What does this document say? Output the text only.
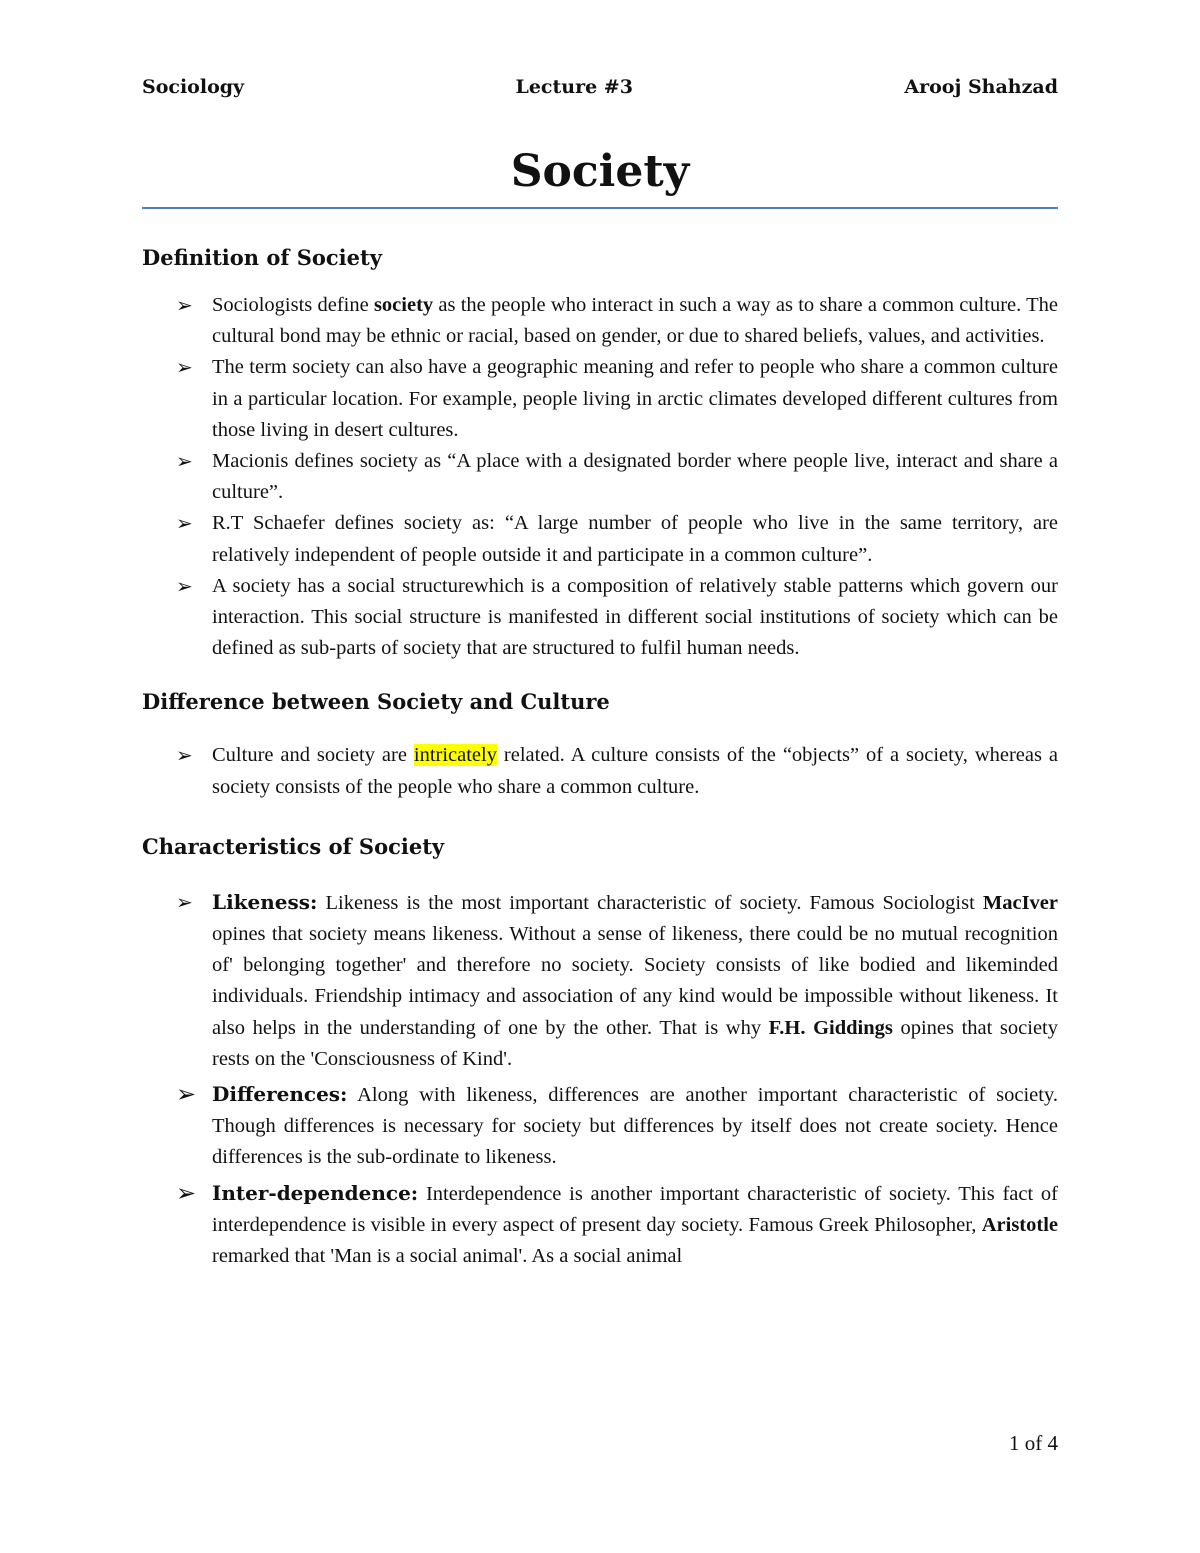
Sociology	Lecture #3	Arooj Shahzad
Society
Definition of Society
➢ Sociologists define society as the people who interact in such a way as to share a common culture. The cultural bond may be ethnic or racial, based on gender, or due to shared beliefs, values, and activities.
➢ The term society can also have a geographic meaning and refer to people who share a common culture in a particular location. For example, people living in arctic climates developed different cultures from those living in desert cultures.
➢ Macionis defines society as “A place with a designated border where people live, interact and share a culture”.
➢ R.T Schaefer defines society as: “A large number of people who live in the same territory, are relatively independent of people outside it and participate in a common culture”.
➢ A society has a social structurewhich is a composition of relatively stable patterns which govern our interaction. This social structure is manifested in different social institutions of society which can be defined as sub-parts of society that are structured to fulfil human needs.
Difference between Society and Culture
➢ Culture and society are intricately related. A culture consists of the “objects” of a society, whereas a society consists of the people who share a common culture.
Characteristics of Society
➢ Likeness: Likeness is the most important characteristic of society. Famous Sociologist MacIver opines that society means likeness. Without a sense of likeness, there could be no mutual recognition of' belonging together' and therefore no society. Society consists of like bodied and likeminded individuals. Friendship intimacy and association of any kind would be impossible without likeness. It also helps in the understanding of one by the other. That is why F.H. Giddings opines that society rests on the 'Consciousness of Kind'.
➢ Differences: Along with likeness, differences are another important characteristic of society. Though differences is necessary for society but differences by itself does not create society. Hence differences is the sub-ordinate to likeness.
➢ Inter-dependence: Interdependence is another important characteristic of society. This fact of interdependence is visible in every aspect of present day society. Famous Greek Philosopher, Aristotle remarked that 'Man is a social animal'. As a social animal
1 of 4
